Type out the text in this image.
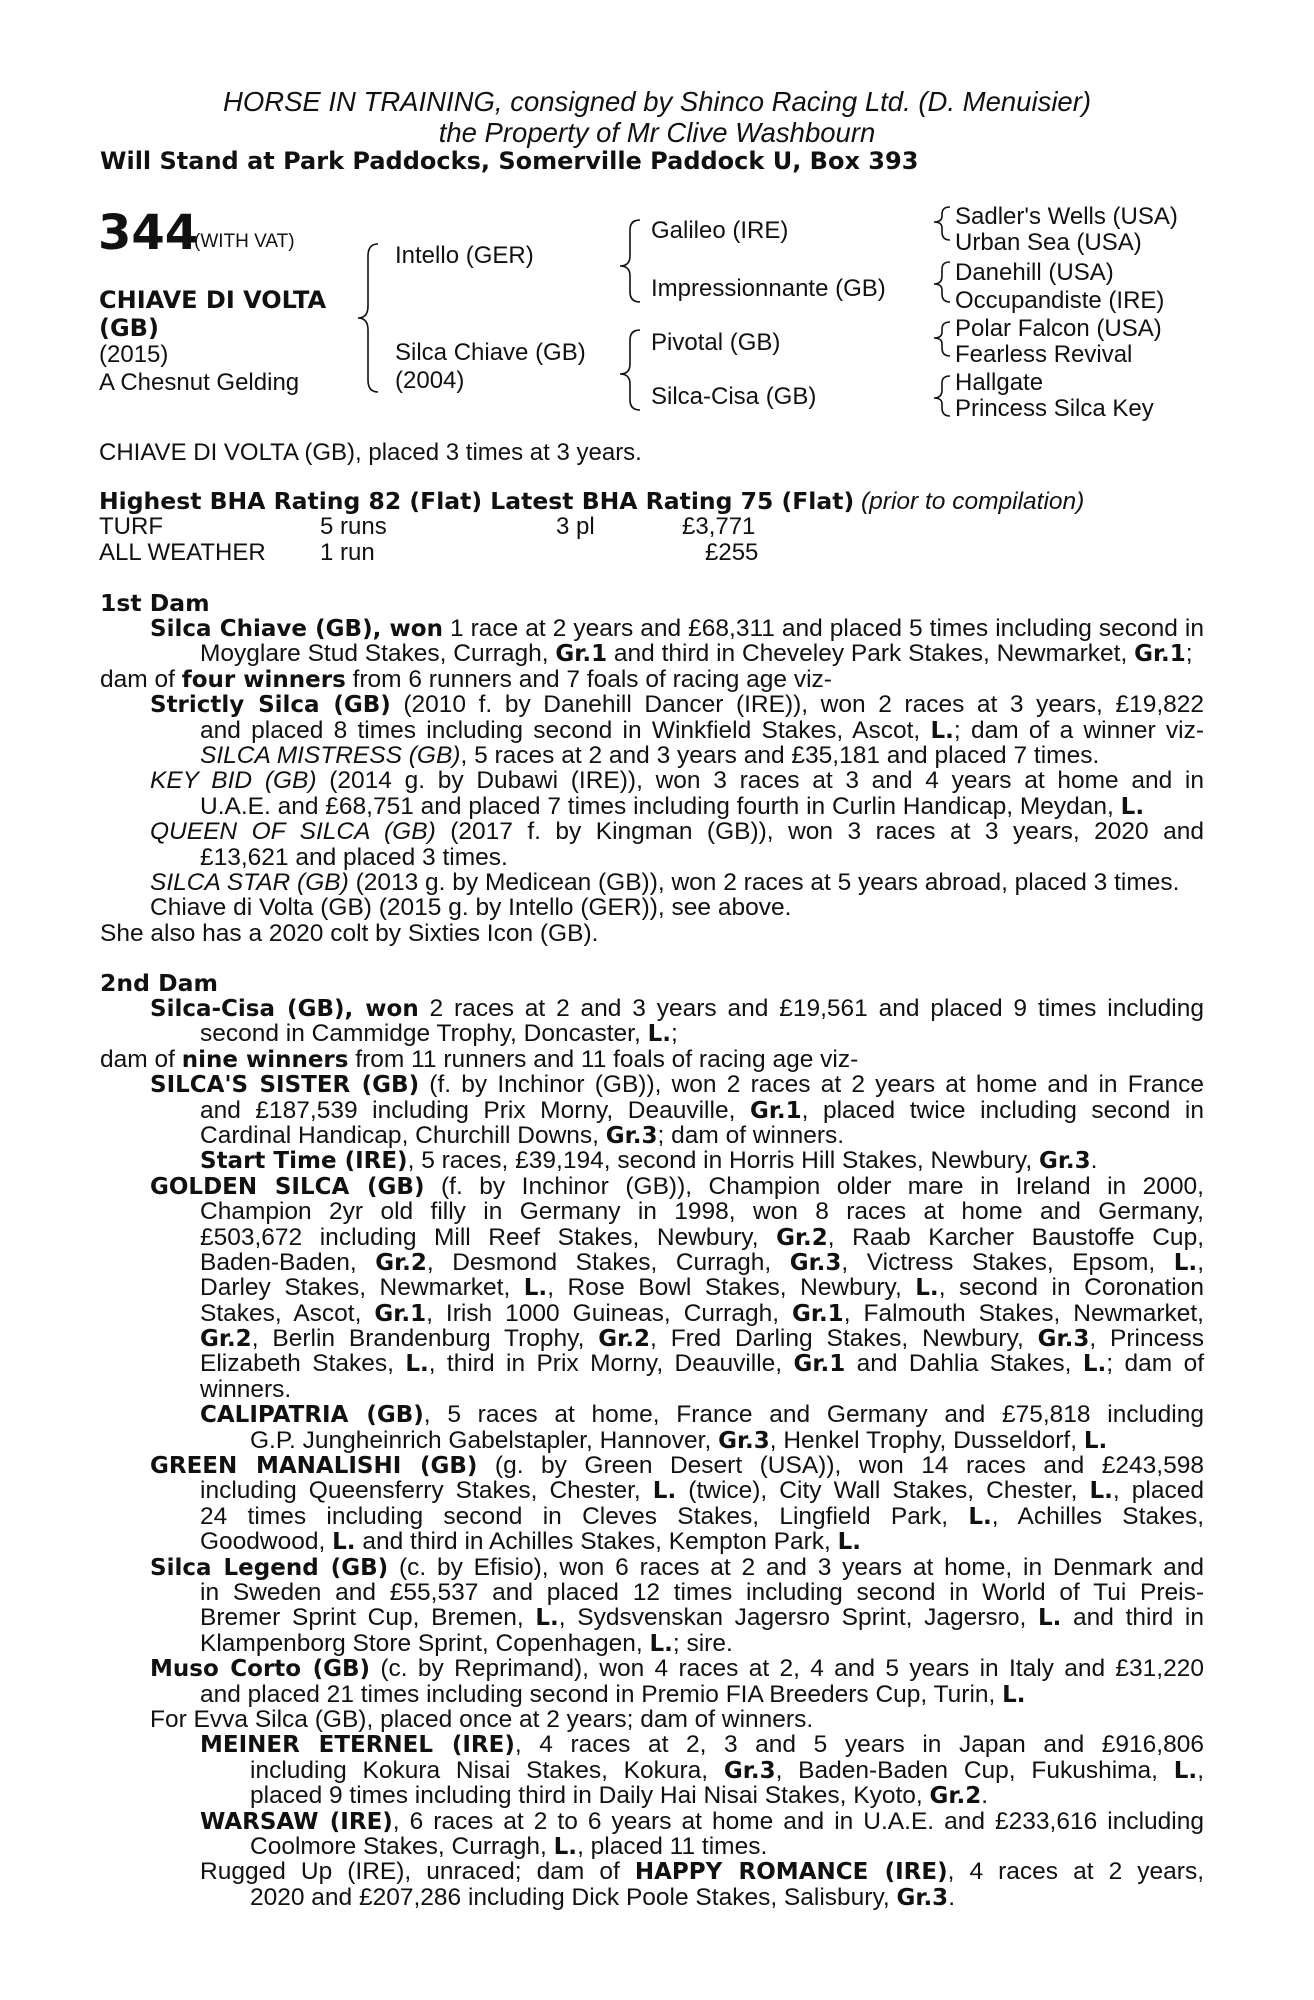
HORSE IN TRAINING, consigned by Shinco Racing Ltd. (D. Menuisier)
the Property of Mr Clive Washbourn
Will Stand at Park Paddocks, Somerville Paddock U, Box 393
344
(WITH VAT)
CHIAVE DI VOLTA
(GB)
(2015)
A Chesnut Gelding
Intello (GER)
Silca Chiave (GB)
(2004)
Galileo (IRE)
Impressionnante (GB)
Pivotal (GB)
Silca-Cisa (GB)
Sadler's Wells (USA)
Urban Sea (USA)
Danehill (USA)
Occupandiste (IRE)
Polar Falcon (USA)
Fearless Revival
Hallgate
Princess Silca Key
CHIAVE DI VOLTA (GB), placed 3 times at 3 years.
Highest BHA Rating 82 (Flat) Latest BHA Rating 75 (Flat) (prior to compilation)
TURF	5 runs	3 pl	£3,771
ALL WEATHER 1 run	£255
1st Dam
Silca Chiave (GB), won 1 race at 2 years and £68,311 and placed 5 times including second in
Moyglare Stud Stakes, Curragh, Gr.1 and third in Cheveley Park Stakes, Newmarket, Gr.1;
dam of four winners from 6 runners and 7 foals of racing age viz-
Strictly Silca (GB) (2010 f. by Danehill Dancer (IRE)), won 2 races at 3 years, £19,822
and placed 8 times including second in Winkfield Stakes, Ascot, L.; dam of a winner viz-
SILCA MISTRESS (GB), 5 races at 2 and 3 years and £35,181 and placed 7 times.
KEY BID (GB) (2014 g. by Dubawi (IRE)), won 3 races at 3 and 4 years at home and in
U.A.E. and £68,751 and placed 7 times including fourth in Curlin Handicap, Meydan, L.
QUEEN OF SILCA (GB) (2017 f. by Kingman (GB)), won 3 races at 3 years, 2020 and
£13,621 and placed 3 times.
SILCA STAR (GB) (2013 g. by Medicean (GB)), won 2 races at 5 years abroad, placed 3 times.
Chiave di Volta (GB) (2015 g. by Intello (GER)), see above.
She also has a 2020 colt by Sixties Icon (GB).
2nd Dam
Silca-Cisa (GB), won 2 races at 2 and 3 years and £19,561 and placed 9 times including
second in Cammidge Trophy, Doncaster, L.;
dam of nine winners from 11 runners and 11 foals of racing age viz-
SILCA'S SISTER (GB) (f. by Inchinor (GB)), won 2 races at 2 years at home and in France
and £187,539 including Prix Morny, Deauville, Gr.1, placed twice including second in
Cardinal Handicap, Churchill Downs, Gr.3; dam of winners.
Start Time (IRE), 5 races, £39,194, second in Horris Hill Stakes, Newbury, Gr.3.
GOLDEN SILCA (GB) (f. by Inchinor (GB)), Champion older mare in Ireland in 2000,
Champion 2yr old filly in Germany in 1998, won 8 races at home and Germany,
£503,672 including Mill Reef Stakes, Newbury, Gr.2, Raab Karcher Baustoffe Cup,
Baden-Baden, Gr.2, Desmond Stakes, Curragh, Gr.3, Victress Stakes, Epsom, L.,
Darley Stakes, Newmarket, L., Rose Bowl Stakes, Newbury, L., second in Coronation
Stakes, Ascot, Gr.1, Irish 1000 Guineas, Curragh, Gr.1, Falmouth Stakes, Newmarket,
Gr.2, Berlin Brandenburg Trophy, Gr.2, Fred Darling Stakes, Newbury, Gr.3, Princess
Elizabeth Stakes, L., third in Prix Morny, Deauville, Gr.1 and Dahlia Stakes, L.; dam of
winners.
CALIPATRIA (GB), 5 races at home, France and Germany and £75,818 including
G.P. Jungheinrich Gabelstapler, Hannover, Gr.3, Henkel Trophy, Dusseldorf, L.
GREEN MANALISHI (GB) (g. by Green Desert (USA)), won 14 races and £243,598
including Queensferry Stakes, Chester, L. (twice), City Wall Stakes, Chester, L., placed
24 times including second in Cleves Stakes, Lingfield Park, L., Achilles Stakes,
Goodwood, L. and third in Achilles Stakes, Kempton Park, L.
Silca Legend (GB) (c. by Efisio), won 6 races at 2 and 3 years at home, in Denmark and
in Sweden and £55,537 and placed 12 times including second in World of Tui Preis-
Bremer Sprint Cup, Bremen, L., Sydsvenskan Jagersro Sprint, Jagersro, L. and third in
Klampenborg Store Sprint, Copenhagen, L.; sire.
Muso Corto (GB) (c. by Reprimand), won 4 races at 2, 4 and 5 years in Italy and £31,220
and placed 21 times including second in Premio FIA Breeders Cup, Turin, L.
For Evva Silca (GB), placed once at 2 years; dam of winners.
MEINER ETERNEL (IRE), 4 races at 2, 3 and 5 years in Japan and £916,806
including Kokura Nisai Stakes, Kokura, Gr.3, Baden-Baden Cup, Fukushima, L.,
placed 9 times including third in Daily Hai Nisai Stakes, Kyoto, Gr.2.
WARSAW (IRE), 6 races at 2 to 6 years at home and in U.A.E. and £233,616 including
Coolmore Stakes, Curragh, L., placed 11 times.
Rugged Up (IRE), unraced; dam of HAPPY ROMANCE (IRE), 4 races at 2 years,
2020 and £207,286 including Dick Poole Stakes, Salisbury, Gr.3.
